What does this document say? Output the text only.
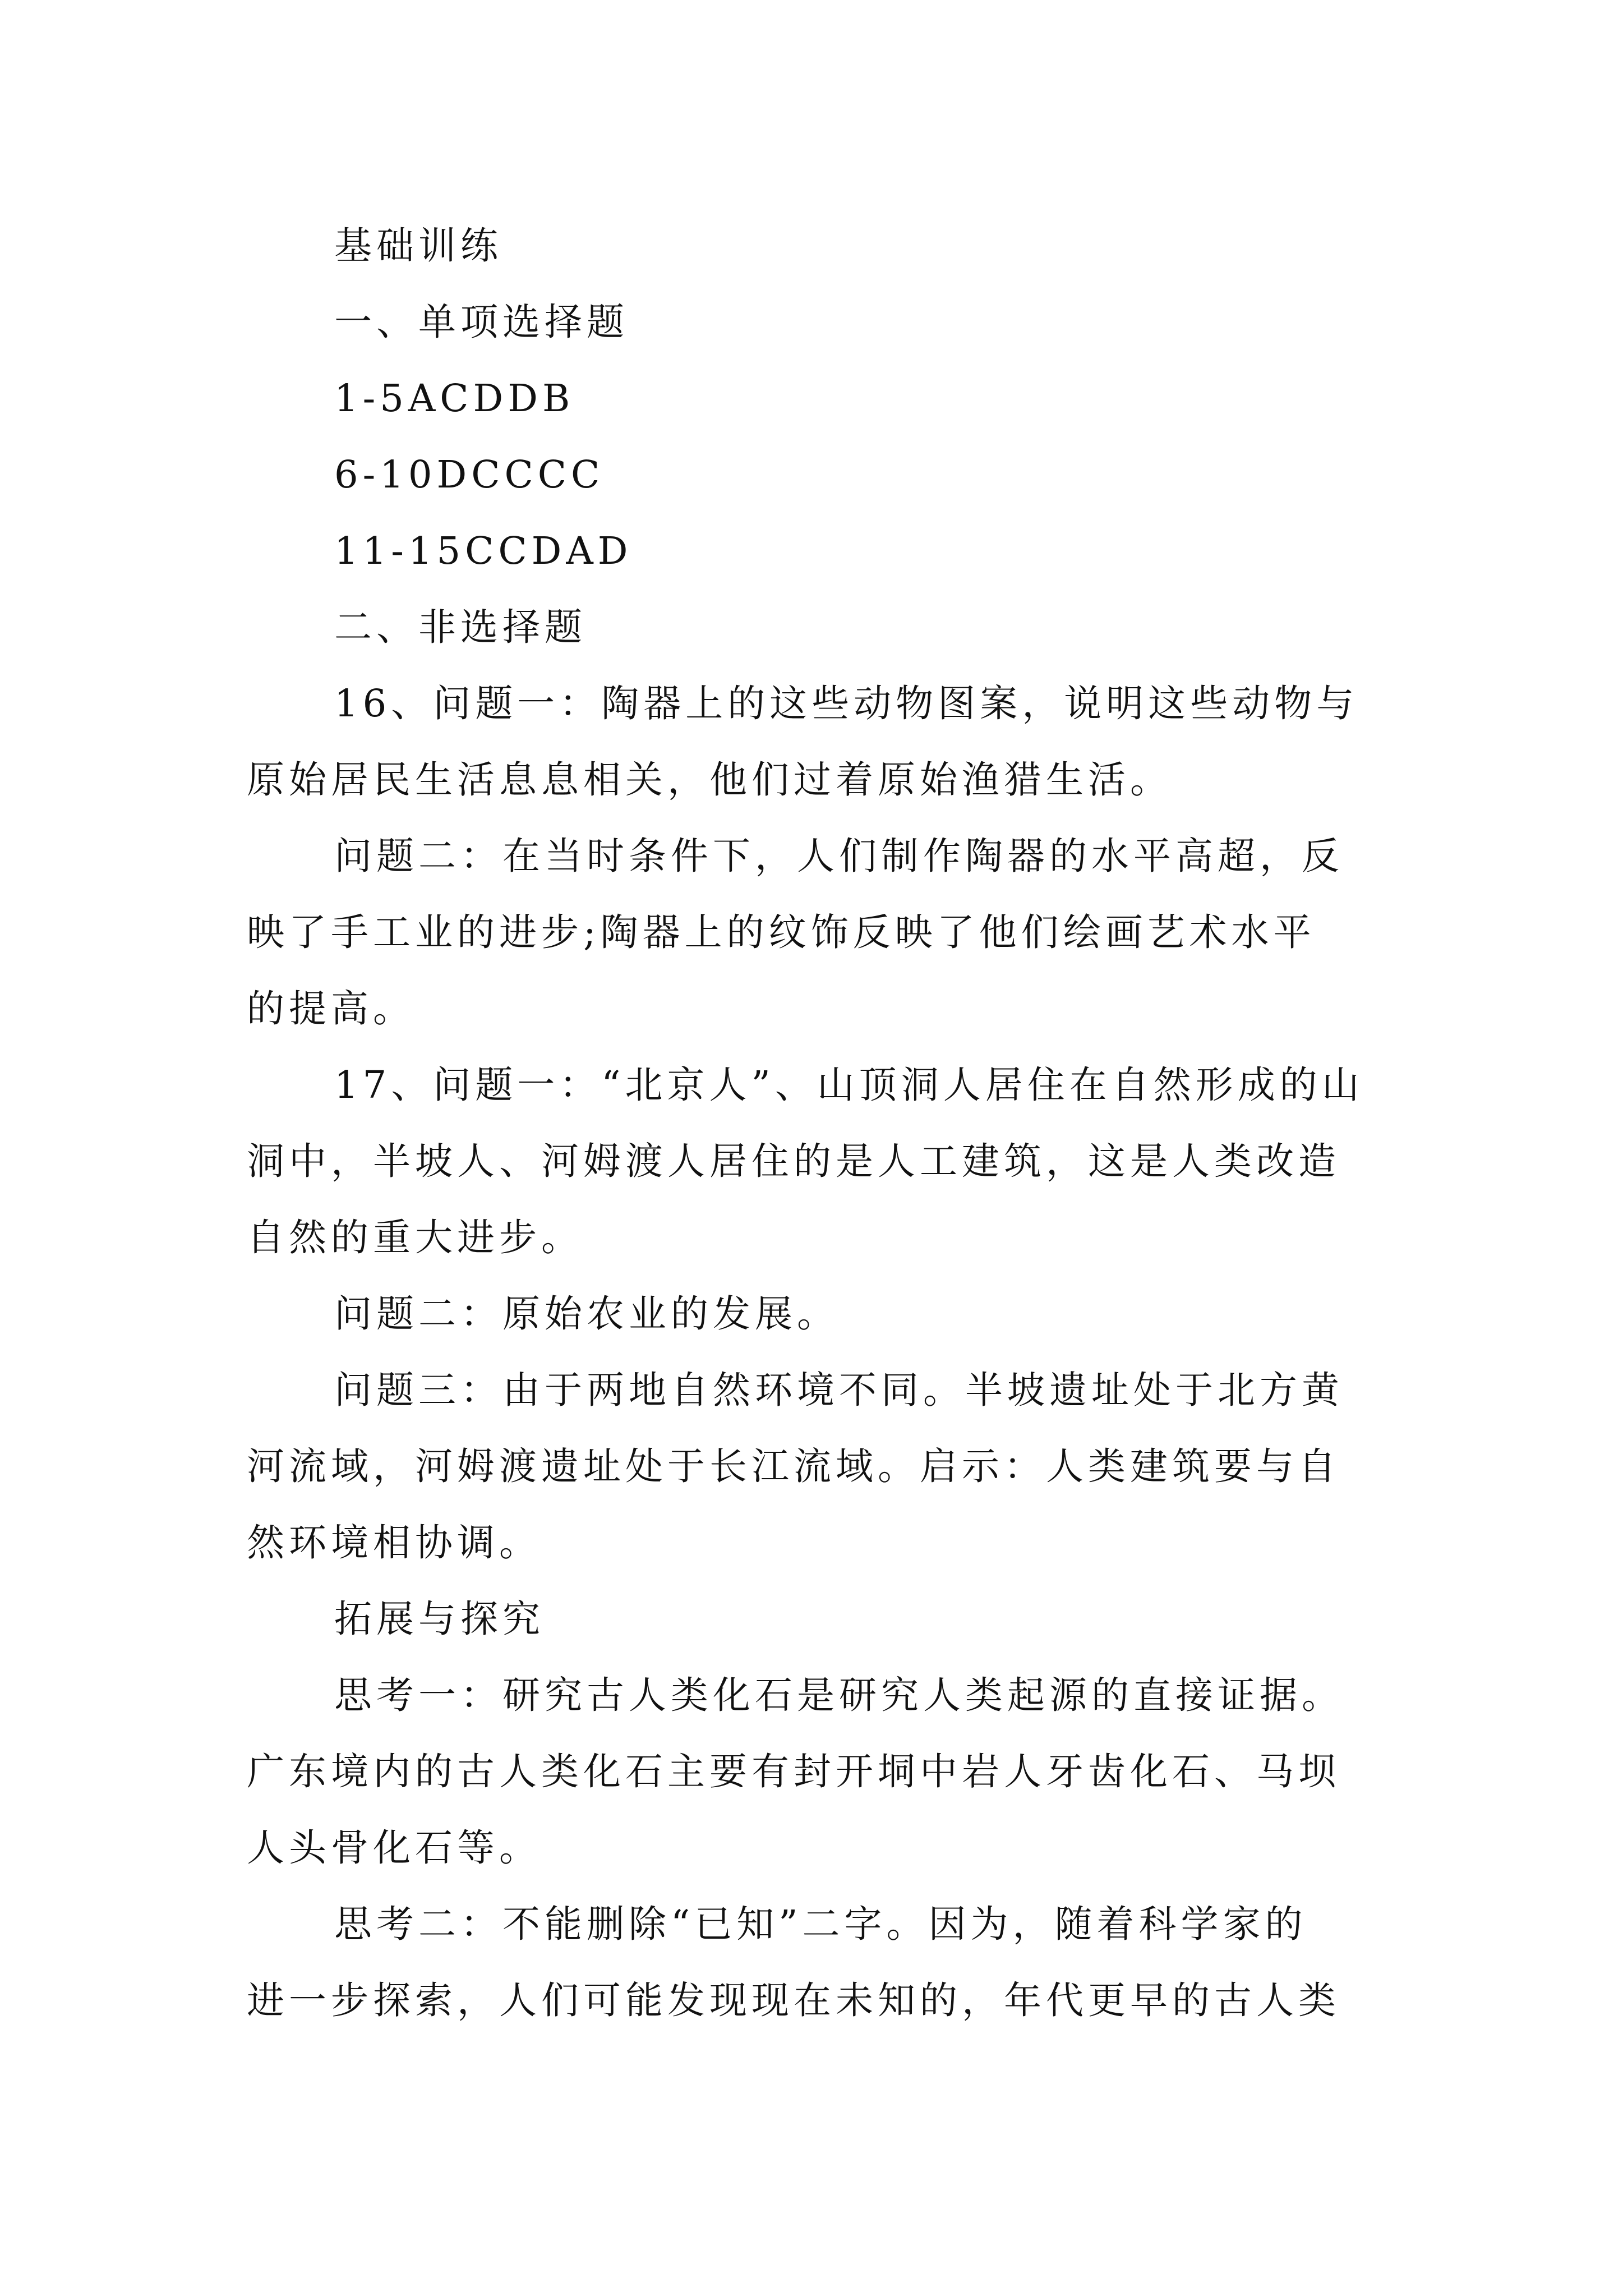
基础训练
一、单项选择题
1-5ACDDB
6-10DCCCC
11-15CCDAD
二、非选择题
16、问题一：陶器上的这些动物图案，说明这些动物与
原始居民生活息息相关，他们过着原始渔猎生活。
问题二：在当时条件下，人们制作陶器的水平高超，反
映了手工业的进步;陶器上的纹饰反映了他们绘画艺术水平
的提高。
17、问题一：“北京人”、山顶洞人居住在自然形成的山
洞中，半坡人、河姆渡人居住的是人工建筑，这是人类改造
自然的重大进步。
问题二：原始农业的发展。
问题三：由于两地自然环境不同。半坡遗址处于北方黄
河流域，河姆渡遗址处于长江流域。启示：人类建筑要与自
然环境相协调。
拓展与探究
思考一：研究古人类化石是研究人类起源的直接证据。
广东境内的古人类化石主要有封开垌中岩人牙齿化石、马坝
人头骨化石等。
思考二：不能删除“已知”二字。因为，随着科学家的
进一步探索，人们可能发现现在未知的，年代更早的古人类
